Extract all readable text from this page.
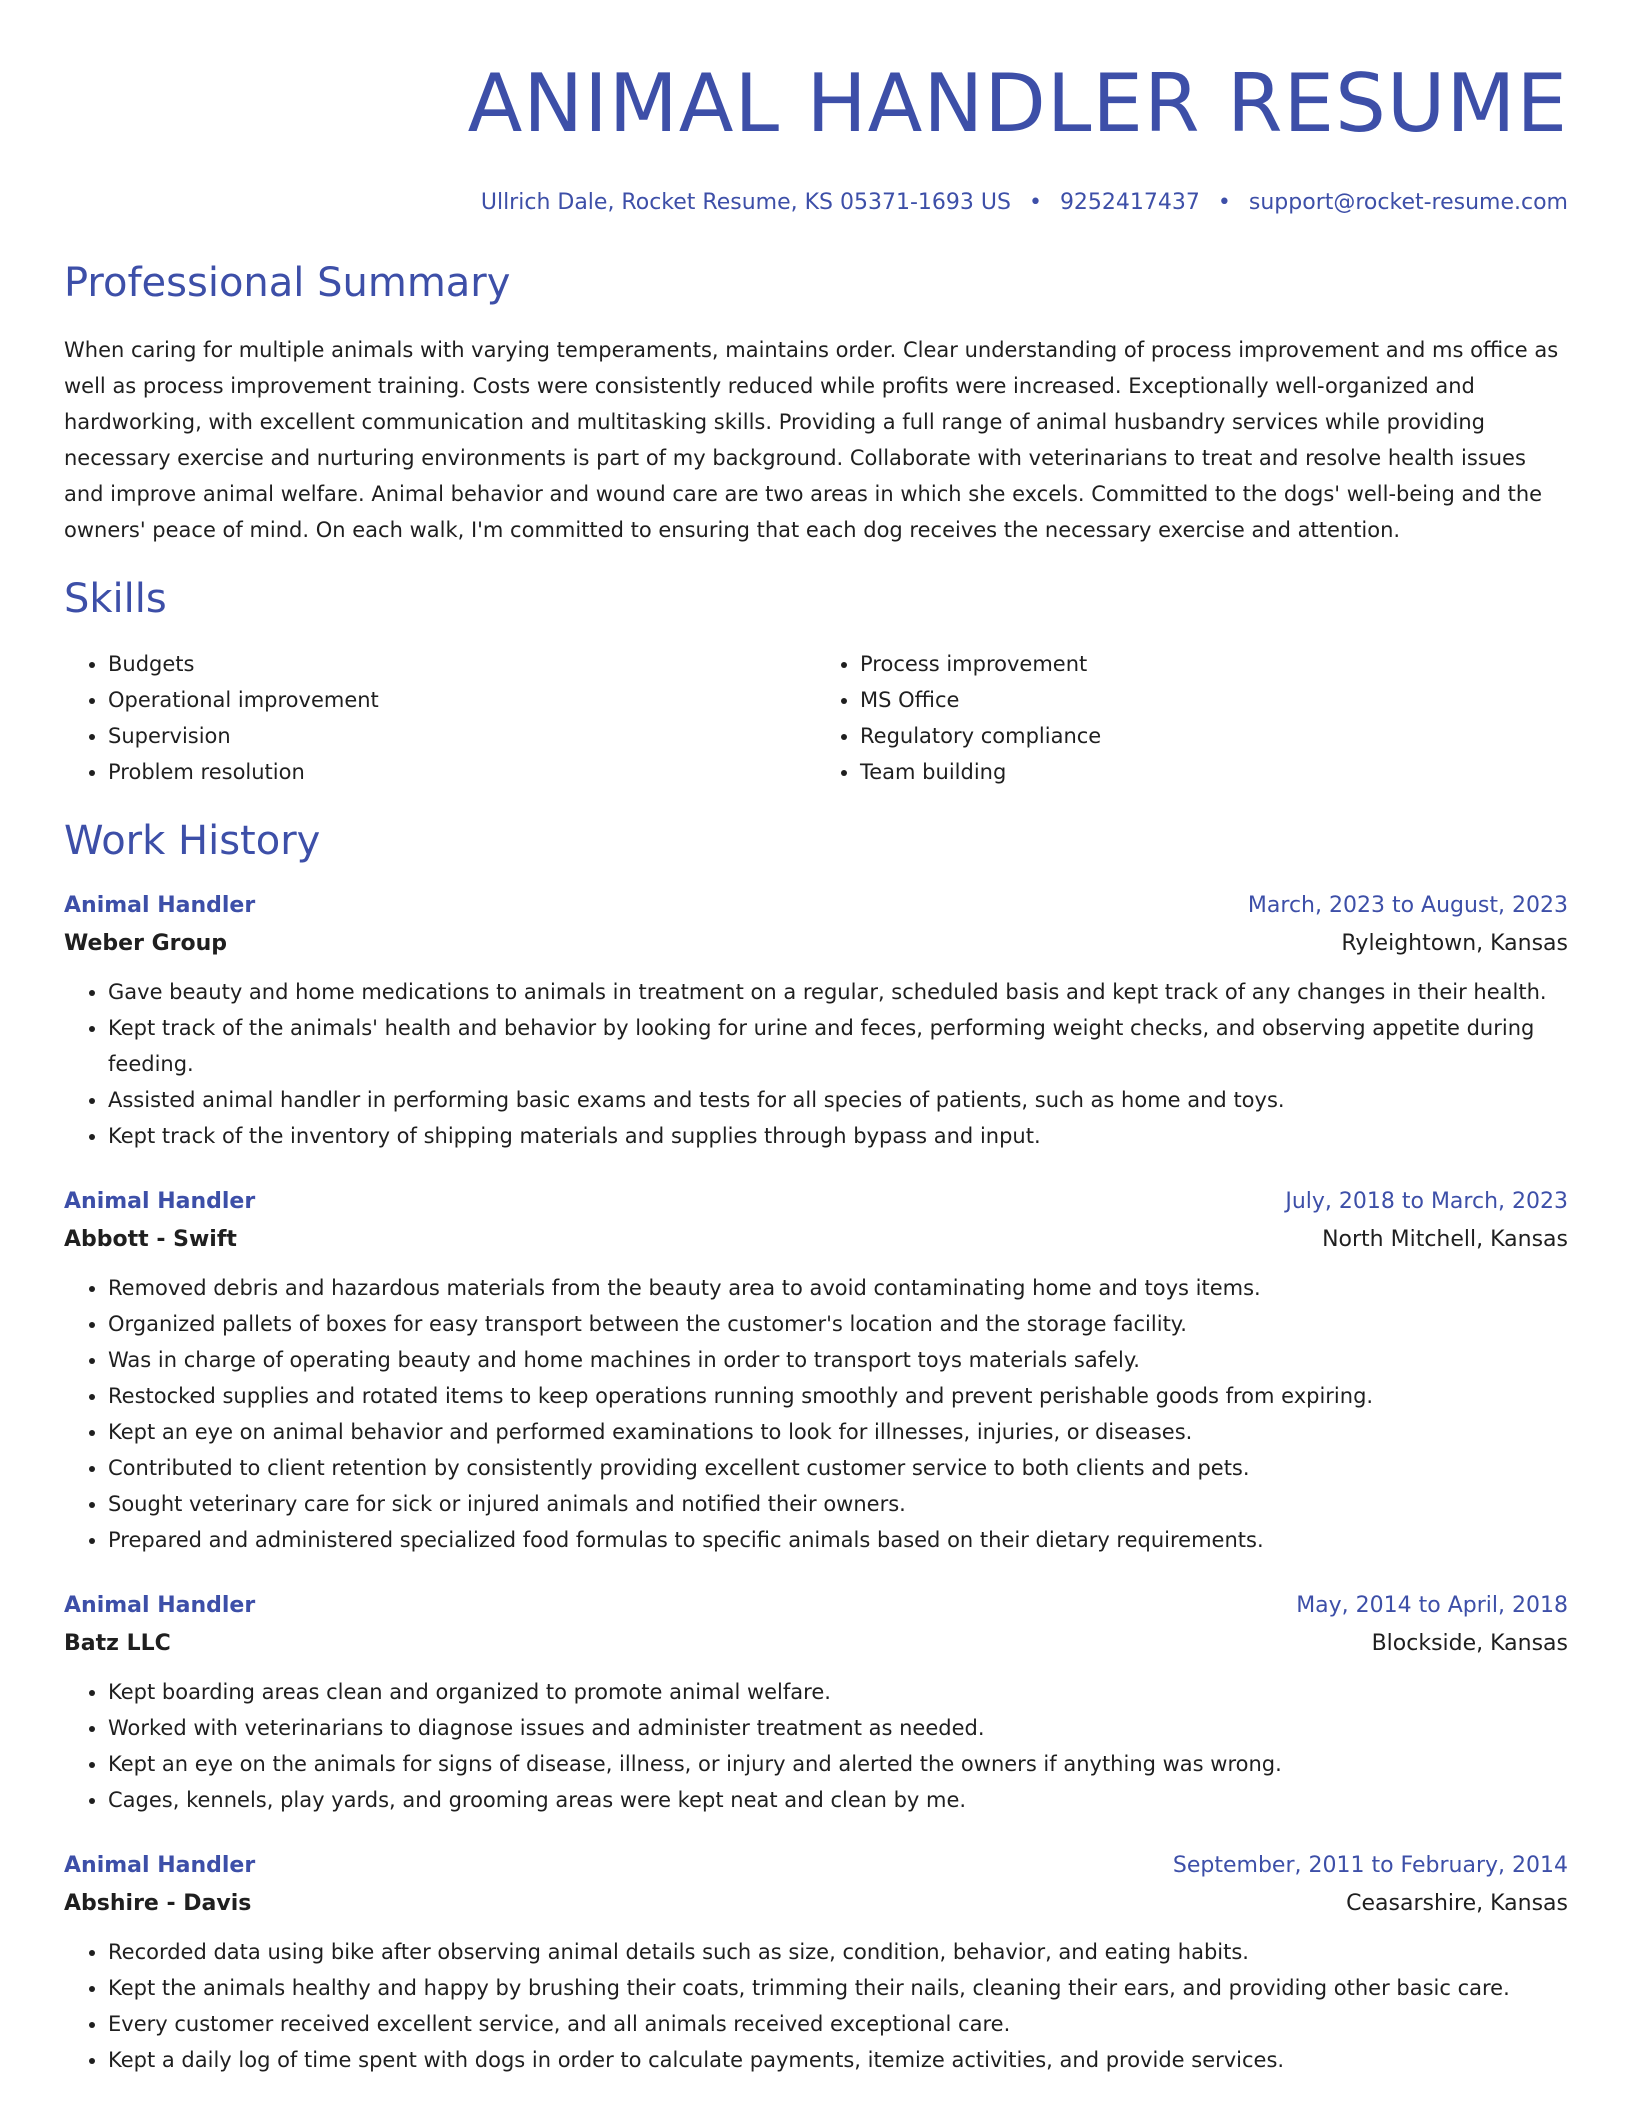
ANIMAL HANDLER RESUME
Ullrich Dale, Rocket Resume, KS 05371-1693 US • 9252417437 • support@rocket-resume.com
Professional Summary

When caring for multiple animals with varying temperaments, maintains order. Clear understanding of process improvement and ms office as well as process improvement training. Costs were consistently reduced while profits were increased. Exceptionally well-organized and hardworking, with excellent communication and multitasking skills. Providing a full range of animal husbandry services while providing necessary exercise and nurturing environments is part of my background. Collaborate with veterinarians to treat and resolve health issues and improve animal welfare. Animal behavior and wound care are two areas in which she excels. Committed to the dogs' well-being and the owners' peace of mind. On each walk, I'm committed to ensuring that each dog receives the necessary exercise and attention.

Skills
• Budgets
• Operational improvement
• Supervision
• Problem resolution
• Process improvement
• MS Office
• Regulatory compliance
• Team building
Work History
Animal Handler	March, 2023 to August, 2023
Weber Group	Ryleightown, Kansas
• Gave beauty and home medications to animals in treatment on a regular, scheduled basis and kept track of any changes in their health.
• Kept track of the animals' health and behavior by looking for urine and feces, performing weight checks, and observing appetite during feeding.
• Assisted animal handler in performing basic exams and tests for all species of patients, such as home and toys.
• Kept track of the inventory of shipping materials and supplies through bypass and input.
Animal Handler	July, 2018 to March, 2023
Abbott - Swift	North Mitchell, Kansas
• Removed debris and hazardous materials from the beauty area to avoid contaminating home and toys items.
• Organized pallets of boxes for easy transport between the customer's location and the storage facility.
• Was in charge of operating beauty and home machines in order to transport toys materials safely.
• Restocked supplies and rotated items to keep operations running smoothly and prevent perishable goods from expiring.
• Kept an eye on animal behavior and performed examinations to look for illnesses, injuries, or diseases.
• Contributed to client retention by consistently providing excellent customer service to both clients and pets.
• Sought veterinary care for sick or injured animals and notified their owners.
• Prepared and administered specialized food formulas to specific animals based on their dietary requirements.
Animal Handler	May, 2014 to April, 2018
Batz LLC	Blockside, Kansas
• Kept boarding areas clean and organized to promote animal welfare.
• Worked with veterinarians to diagnose issues and administer treatment as needed.
• Kept an eye on the animals for signs of disease, illness, or injury and alerted the owners if anything was wrong.
• Cages, kennels, play yards, and grooming areas were kept neat and clean by me.
Animal Handler	September, 2011 to February, 2014
Abshire - Davis	Ceasarshire, Kansas
• Recorded data using bike after observing animal details such as size, condition, behavior, and eating habits.
• Kept the animals healthy and happy by brushing their coats, trimming their nails, cleaning their ears, and providing other basic care.
• Every customer received excellent service, and all animals received exceptional care.
• Kept a daily log of time spent with dogs in order to calculate payments, itemize activities, and provide services.
